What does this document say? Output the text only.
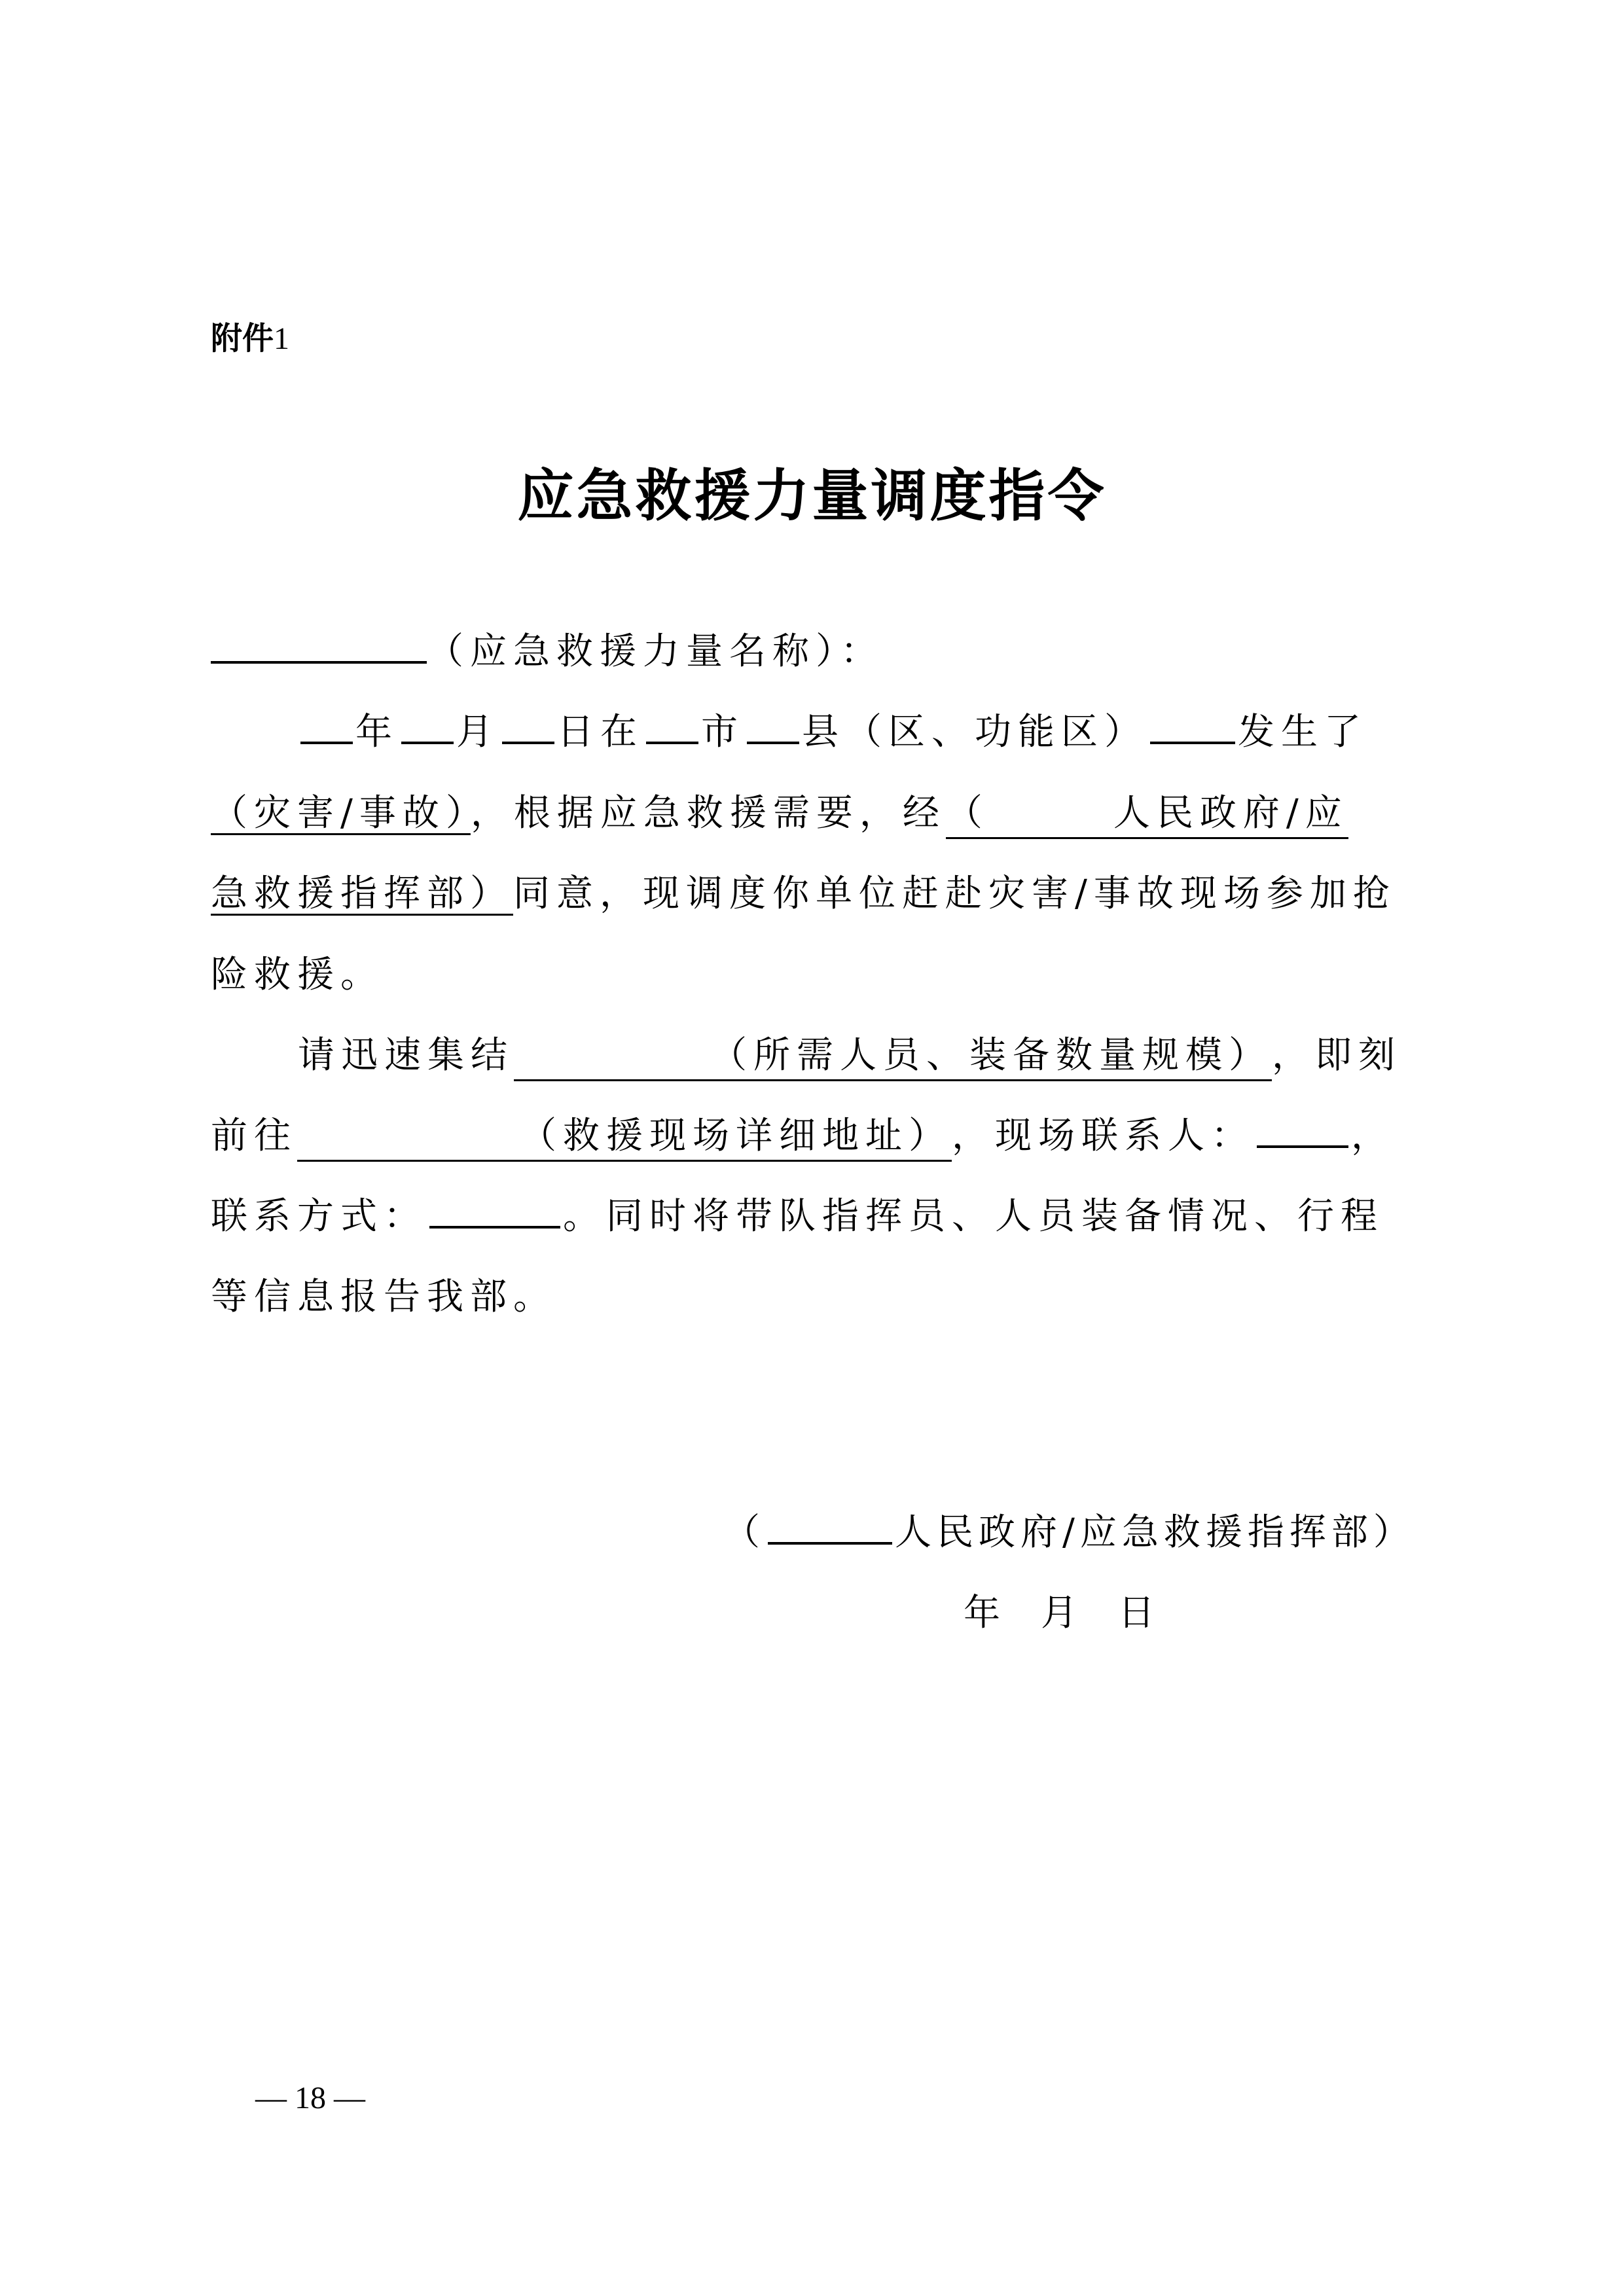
附件1
应急救援力量调度指令
（应急救援力量名称）：
年 月 日在 市 县（区、功能区） 发生了
（灾害/事故），根据应急救援需要，经（	人民政府/应
急救援指挥部）同意，现调度你单位赶赴灾害/事故现场参加抢
险救援。
请迅速集结	（所需人员、装备数量规模），即刻
前往	（救援现场详细地址），现场联系人：	，
联系方式：	。同时将带队指挥员、人员装备情况、行程
等信息报告我部。
（	人民政府/应急救援指挥部）
年 月 日
— 18 —
